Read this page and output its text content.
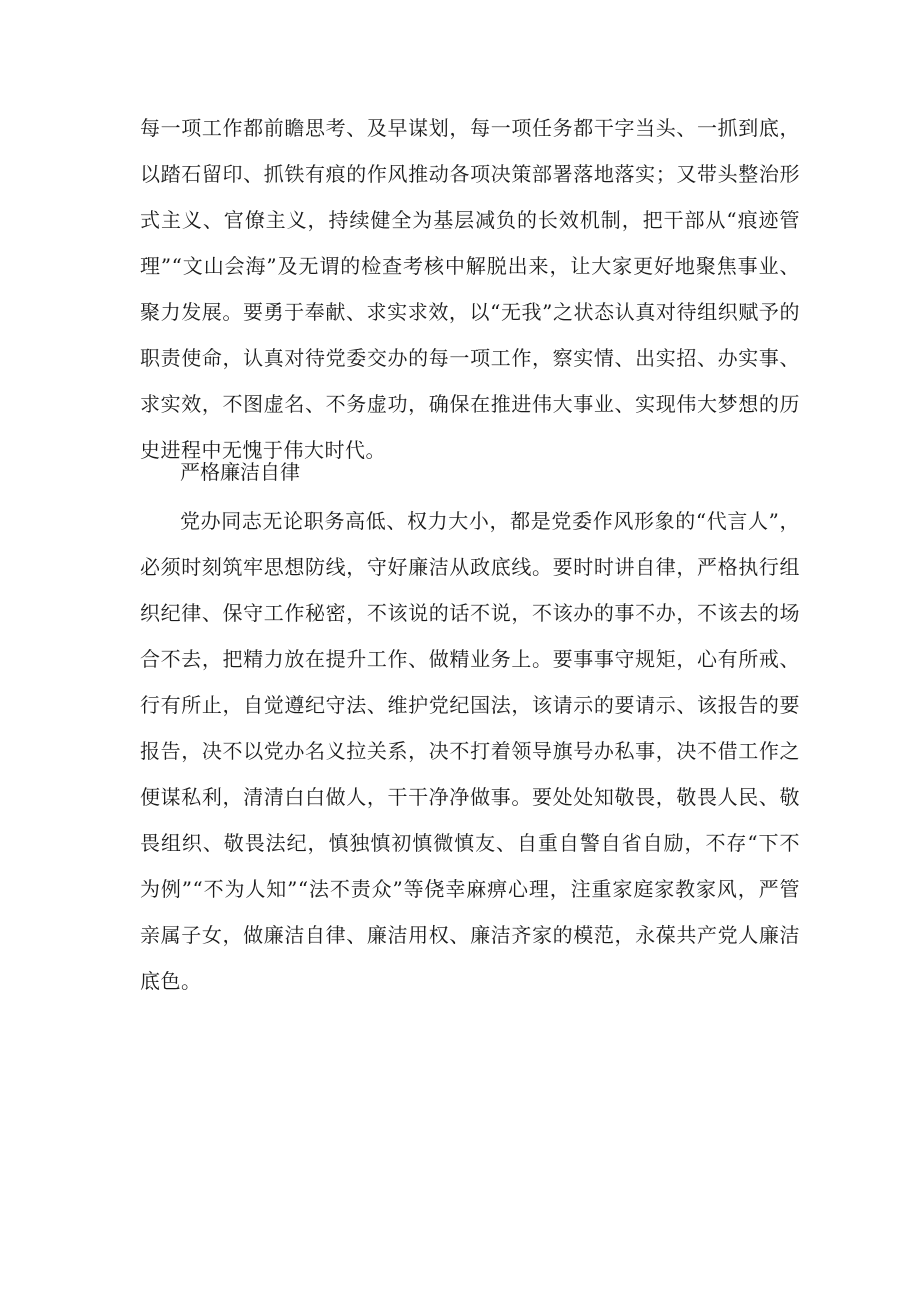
每一项工作都前瞻思考、及早谋划，每一项任务都干字当头、一抓到底，以踏石留印、抓铁有痕的作风推动各项决策部署落地落实；又带头整治形式主义、官僚主义，持续健全为基层减负的长效机制，把干部从“痕迹管理”“文山会海”及无谓的检查考核中解脱出来，让大家更好地聚焦事业、聚力发展。要勇于奉献、求实求效，以“无我”之状态认真对待组织赋予的职责使命，认真对待党委交办的每一项工作，察实情、出实招、办实事、求实效，不图虚名、不务虚功，确保在推进伟大事业、实现伟大梦想的历史进程中无愧于伟大时代。

严格廉洁自律

党办同志无论职务高低、权力大小，都是党委作风形象的“代言人”，必须时刻筑牢思想防线，守好廉洁从政底线。要时时讲自律，严格执行组织纪律、保守工作秘密，不该说的话不说，不该办的事不办，不该去的场合不去，把精力放在提升工作、做精业务上。要事事守规矩，心有所戒、行有所止，自觉遵纪守法、维护党纪国法，该请示的要请示、该报告的要报告，决不以党办名义拉关系，决不打着领导旗号办私事，决不借工作之便谋私利，清清白白做人，干干净净做事。要处处知敬畏，敬畏人民、敬畏组织、敬畏法纪，慎独慎初慎微慎友、自重自警自省自励，不存“下不为例”“不为人知”“法不责众”等侥幸麻痹心理，注重家庭家教家风，严管亲属子女，做廉洁自律、廉洁用权、廉洁齐家的模范，永葆共产党人廉洁底色。
